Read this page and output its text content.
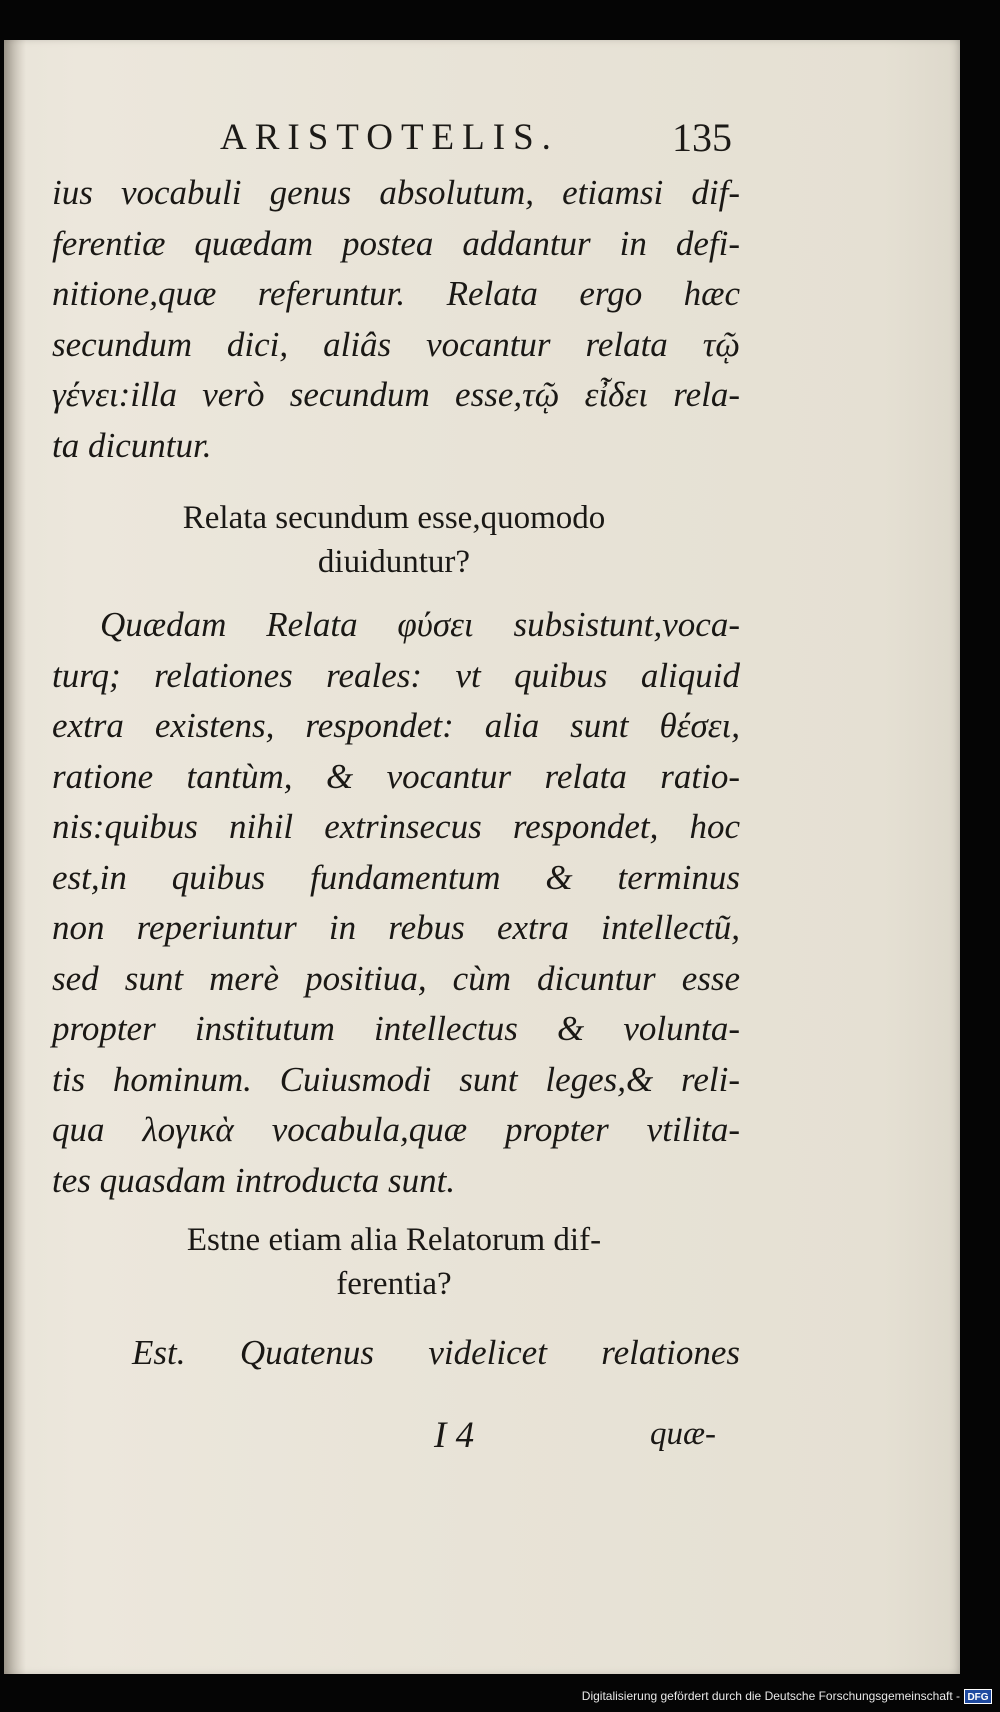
ARISTOTELIS.	135
ius vocabuli genus absolutum, etiamsi dif-
ferentiæ quædam postea addantur in defi-
nitione,quæ referuntur. Relata ergo hæc
secundum dici, aliâs vocantur relata τῷ
γένει:illa verò secundum esse,τῷ εἶδει rela-
ta dicuntur.
Relata secundum esse,quomodo
diuiduntur?
Quædam Relata φύσει subsistunt,voca-
turq; relationes reales: vt quibus aliquid
extra existens, respondet: alia sunt θέσει,
ratione tantùm, & vocantur relata ratio-
nis:quibus nihil extrinsecus respondet, hoc
est,in quibus fundamentum & terminus
non reperiuntur in rebus extra intellectũ,
sed sunt merè positiua, cùm dicuntur esse
propter institutum intellectus & volunta-
tis hominum. Cuiusmodi sunt leges,& reli-
qua λογικὰ vocabula,quæ propter vtilita-
tes quasdam introducta sunt.
Estne etiam alia Relatorum dif-
ferentia?
Est. Quatenus videlicet relationes
I 4	quæ-
Digitalisierung gefördert durch die Deutsche Forschungsgemeinschaft - DFG
